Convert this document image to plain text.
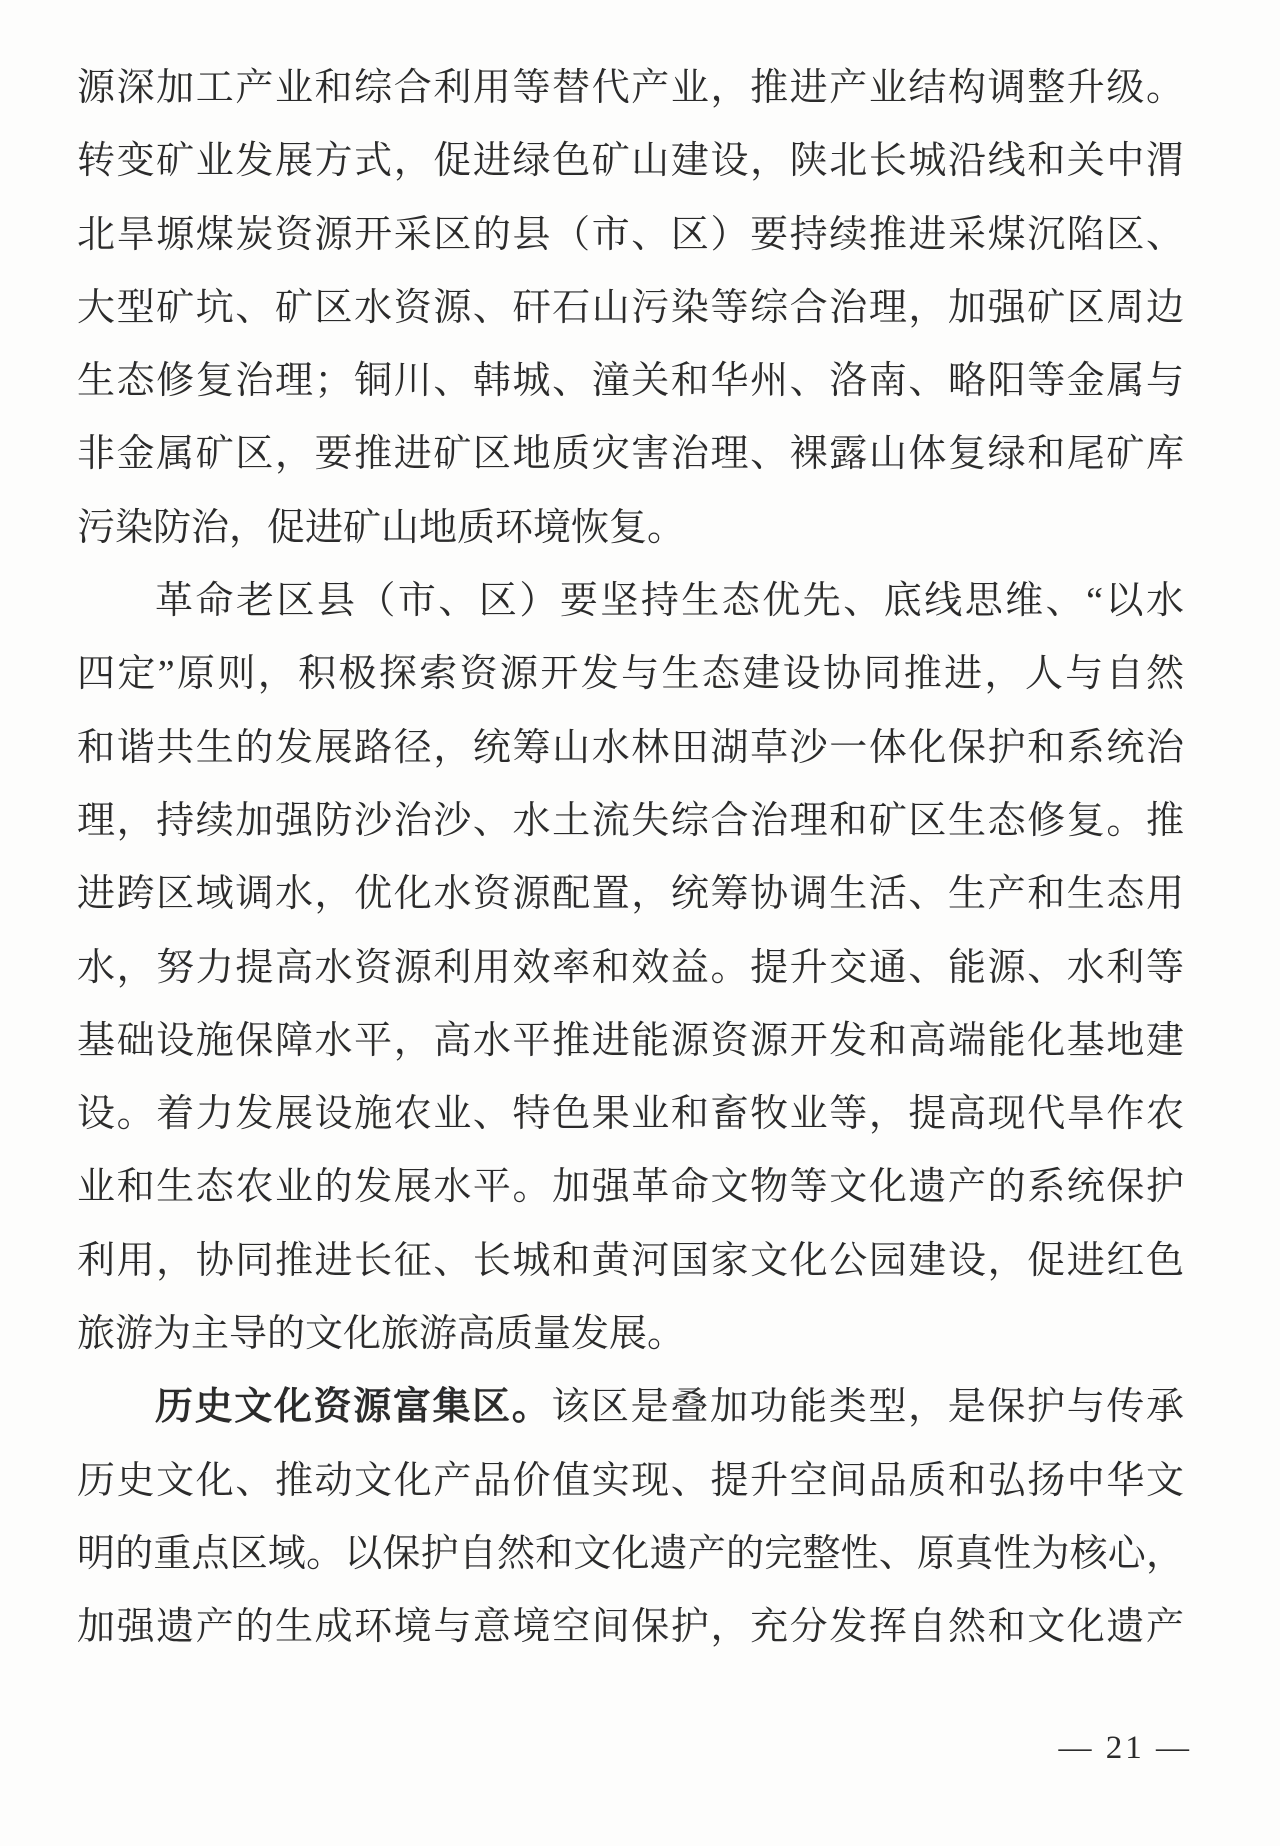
源深加工产业和综合利用等替代产业，推进产业结构调整升级。
转变矿业发展方式，促进绿色矿山建设，陕北长城沿线和关中渭
北旱塬煤炭资源开采区的县（市、区）要持续推进采煤沉陷区、
大型矿坑、矿区水资源、矸石山污染等综合治理，加强矿区周边
生态修复治理；铜川、韩城、潼关和华州、洛南、略阳等金属与
非金属矿区，要推进矿区地质灾害治理、裸露山体复绿和尾矿库
污染防治，促进矿山地质环境恢复。
革命老区县（市、区）要坚持生态优先、底线思维、“以水
四定”原则，积极探索资源开发与生态建设协同推进，人与自然
和谐共生的发展路径，统筹山水林田湖草沙一体化保护和系统治
理，持续加强防沙治沙、水土流失综合治理和矿区生态修复。推
进跨区域调水，优化水资源配置，统筹协调生活、生产和生态用
水，努力提高水资源利用效率和效益。提升交通、能源、水利等
基础设施保障水平，高水平推进能源资源开发和高端能化基地建
设。着力发展设施农业、特色果业和畜牧业等，提高现代旱作农
业和生态农业的发展水平。加强革命文物等文化遗产的系统保护
利用，协同推进长征、长城和黄河国家文化公园建设，促进红色
旅游为主导的文化旅游高质量发展。
历史文化资源富集区。该区是叠加功能类型，是保护与传承
历史文化、推动文化产品价值实现、提升空间品质和弘扬中华文
明的重点区域。以保护自然和文化遗产的完整性、原真性为核心，
加强遗产的生成环境与意境空间保护，充分发挥自然和文化遗产
— 21 —
